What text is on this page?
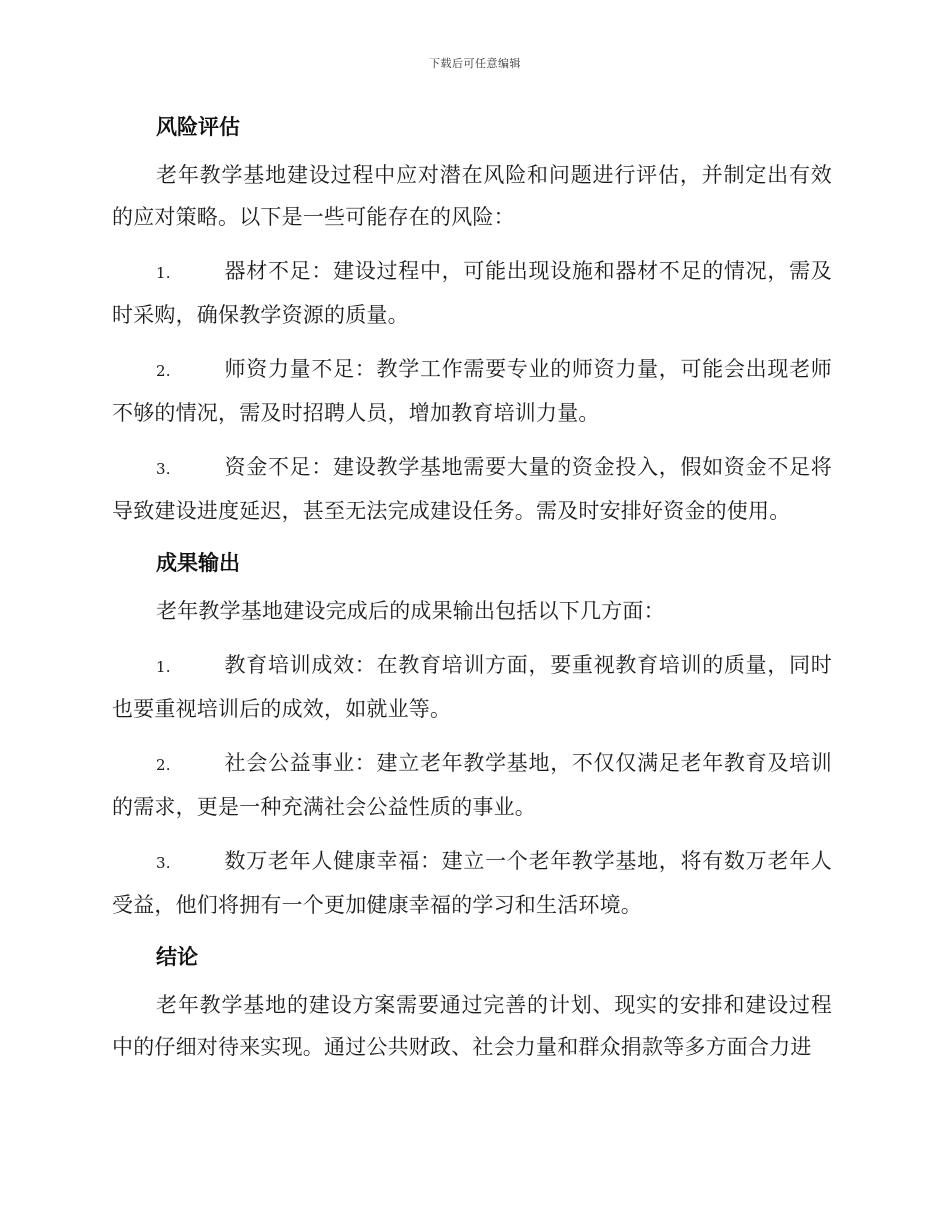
下载后可任意编辑
风险评估

老年教学基地建设过程中应对潜在风险和问题进行评估，并制定出有效的应对策略。以下是一些可能存在的风险：

1.	器材不足：建设过程中，可能出现设施和器材不足的情况，需及时采购，确保教学资源的质量。

2.	师资力量不足：教学工作需要专业的师资力量，可能会出现老师不够的情况，需及时招聘人员，增加教育培训力量。

3.	资金不足：建设教学基地需要大量的资金投入，假如资金不足将导致建设进度延迟，甚至无法完成建设任务。需及时安排好资金的使用。

成果输出

老年教学基地建设完成后的成果输出包括以下几方面：

1.	教育培训成效：在教育培训方面，要重视教育培训的质量，同时也要重视培训后的成效，如就业等。

2.	社会公益事业：建立老年教学基地，不仅仅满足老年教育及培训的需求，更是一种充满社会公益性质的事业。

3.	数万老年人健康幸福：建立一个老年教学基地，将有数万老年人受益，他们将拥有一个更加健康幸福的学习和生活环境。

结论

老年教学基地的建设方案需要通过完善的计划、现实的安排和建设过程中的仔细对待来实现。通过公共财政、社会力量和群众捐款等多方面合力进
